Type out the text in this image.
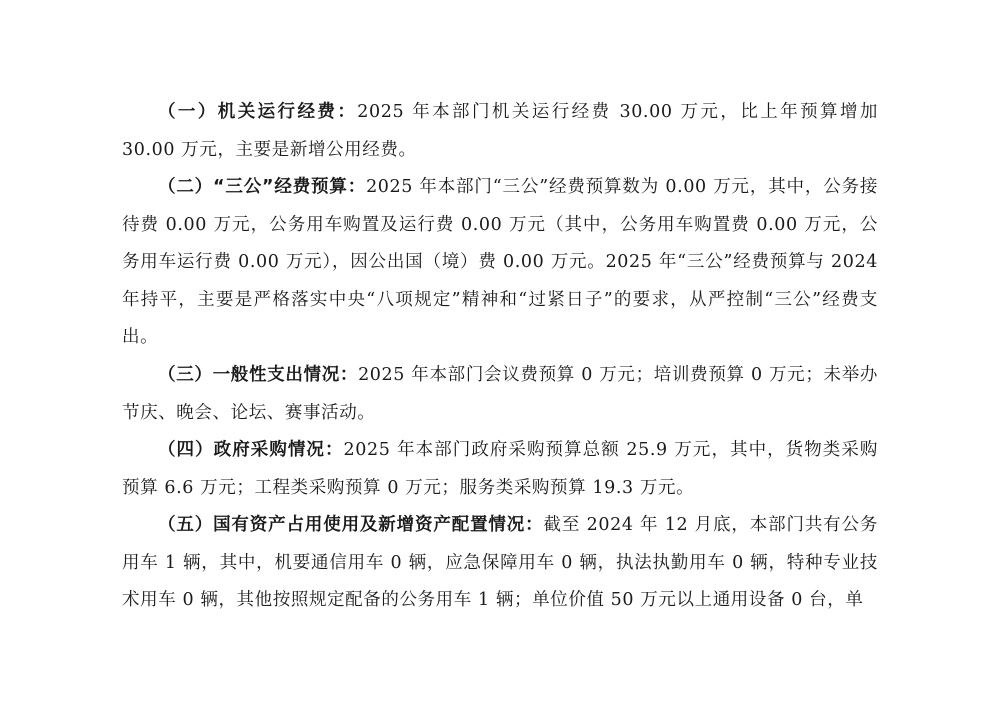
（一）机关运行经费：2025 年本部门机关运行经费 30.00 万元，比上年预算增加 30.00 万元，主要是新增公用经费。

（二）“三公”经费预算：2025 年本部门“三公”经费预算数为 0.00 万元，其中，公务接待费 0.00 万元，公务用车购置及运行费 0.00 万元（其中，公务用车购置费 0.00 万元，公务用车运行费 0.00 万元），因公出国（境）费 0.00 万元。2025 年“三公”经费预算与 2024 年持平，主要是严格落实中央“八项规定”精神和“过紧日子”的要求，从严控制“三公”经费支出。

（三）一般性支出情况：2025 年本部门会议费预算 0 万元；培训费预算 0 万元；未举办节庆、晚会、论坛、赛事活动。

（四）政府采购情况：2025 年本部门政府采购预算总额 25.9 万元，其中，货物类采购预算 6.6 万元；工程类采购预算 0 万元；服务类采购预算 19.3 万元。

（五）国有资产占用使用及新增资产配置情况：截至 2024 年 12 月底，本部门共有公务用车 1 辆，其中，机要通信用车 0 辆，应急保障用车 0 辆，执法执勤用车 0 辆，特种专业技术用车 0 辆，其他按照规定配备的公务用车 1 辆；单位价值 50 万元以上通用设备 0 台，单
